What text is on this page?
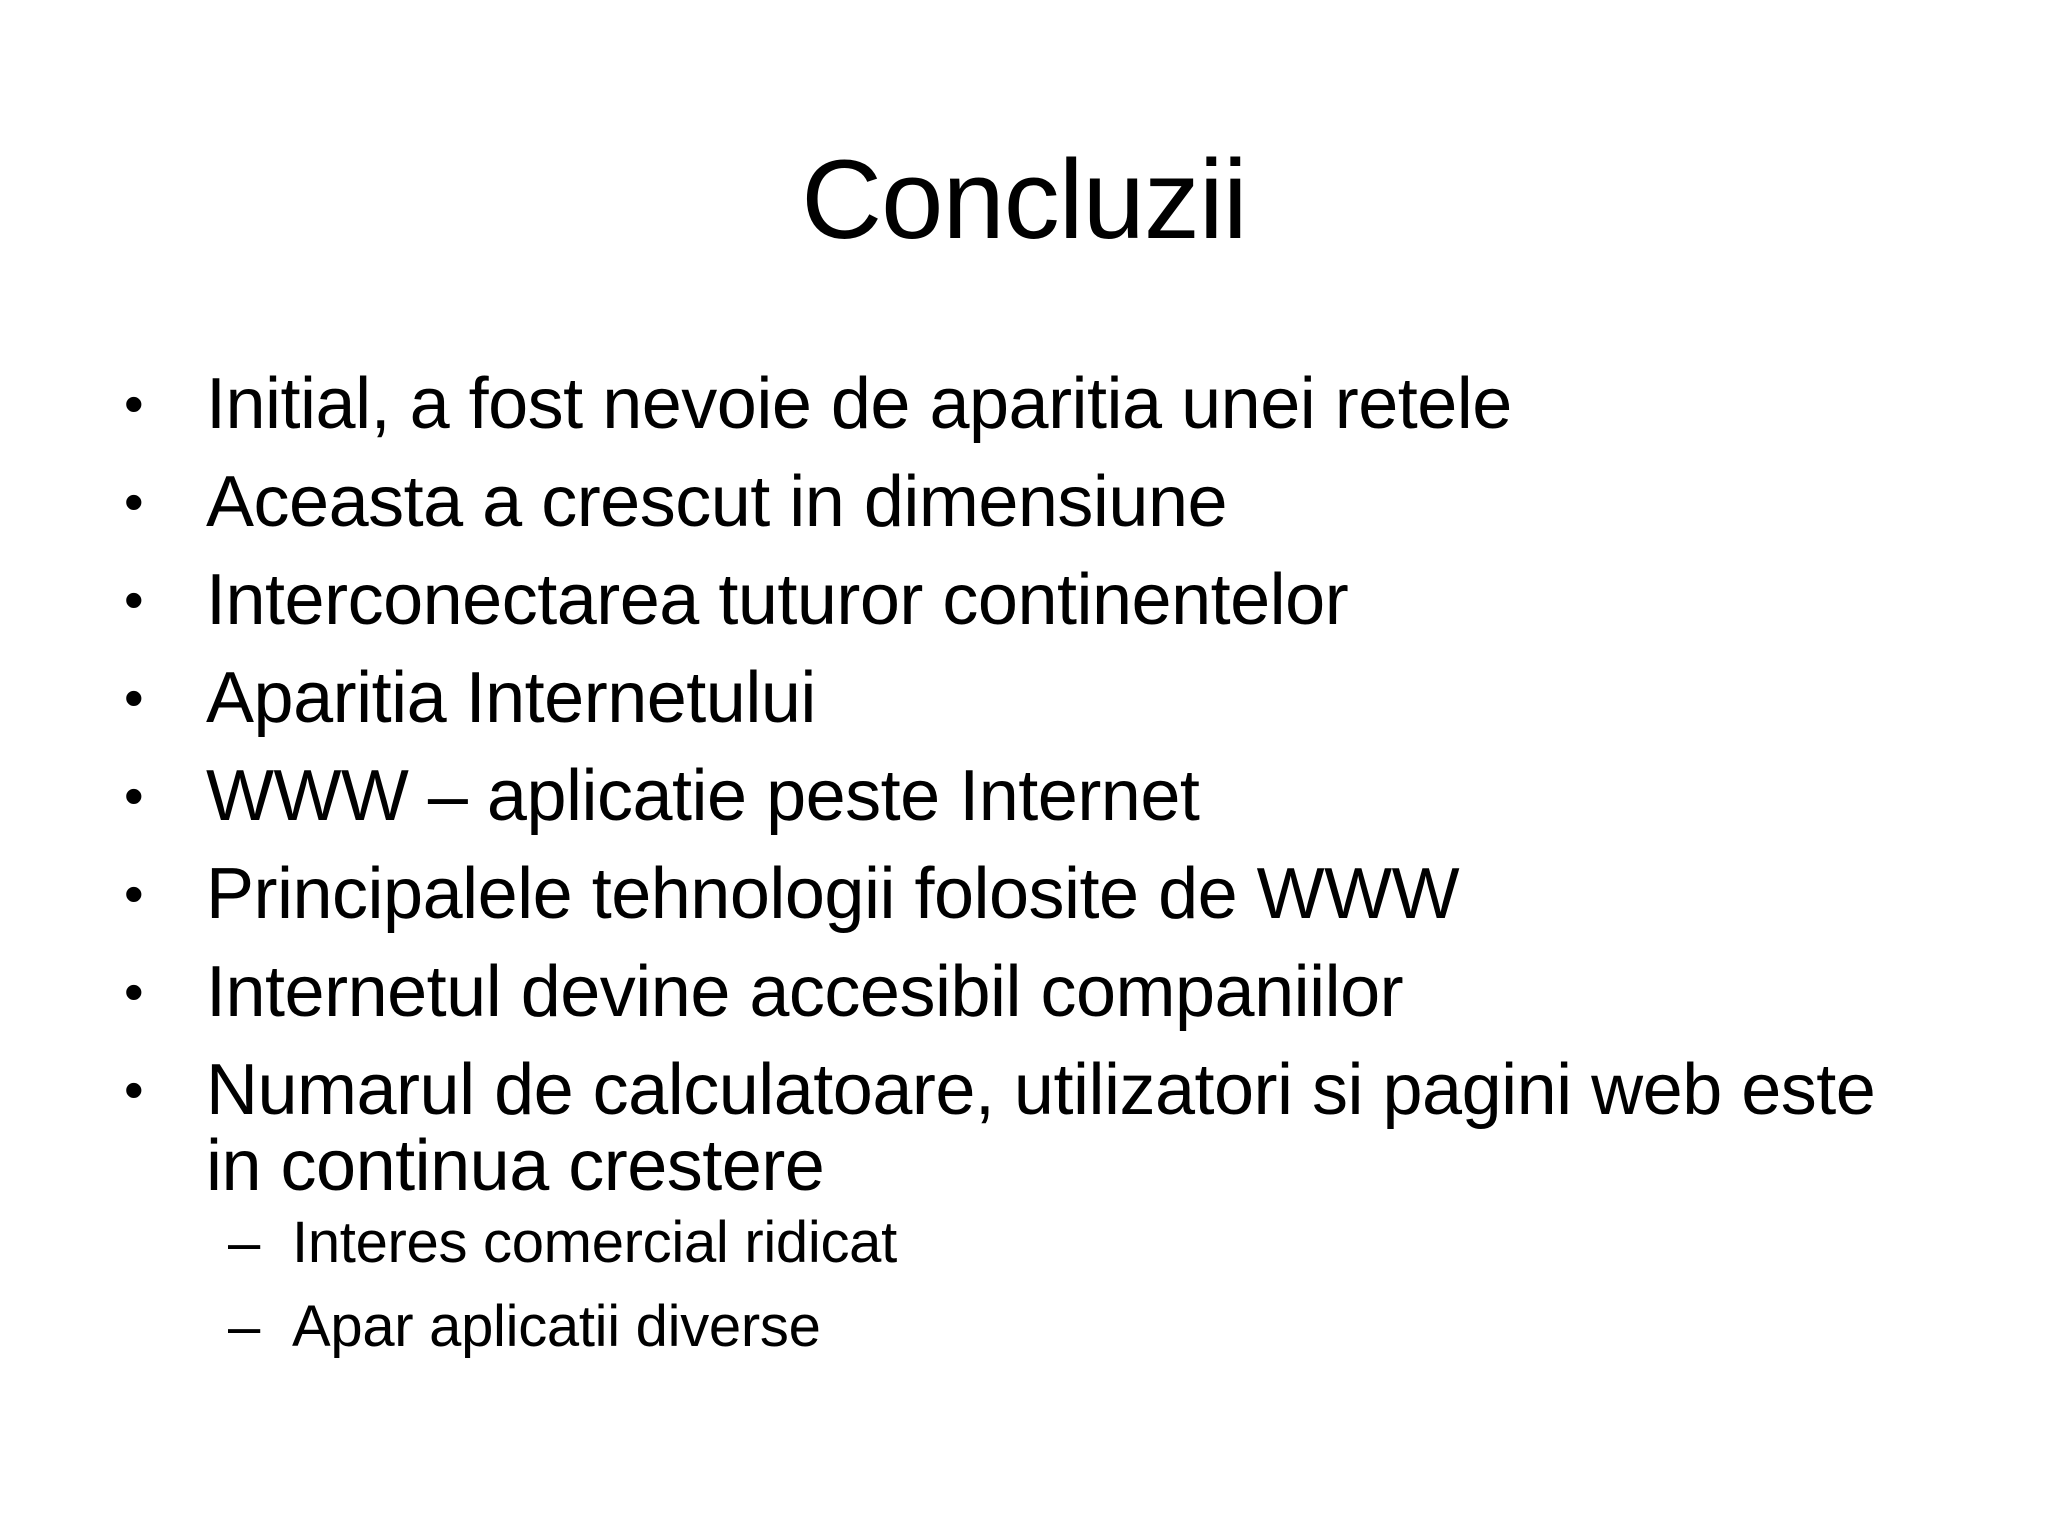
Concluzii
• Initial, a fost nevoie de aparitia unei retele
• Aceasta a crescut in dimensiune
• Interconectarea tuturor continentelor
• Aparitia Internetului
• WWW – aplicatie peste Internet
• Principalele tehnologii folosite de WWW
• Internetul devine accesibil companiilor
• Numarul de calculatoare, utilizatori si pagini web este in continua crestere
– Interes comercial ridicat
– Apar aplicatii diverse
